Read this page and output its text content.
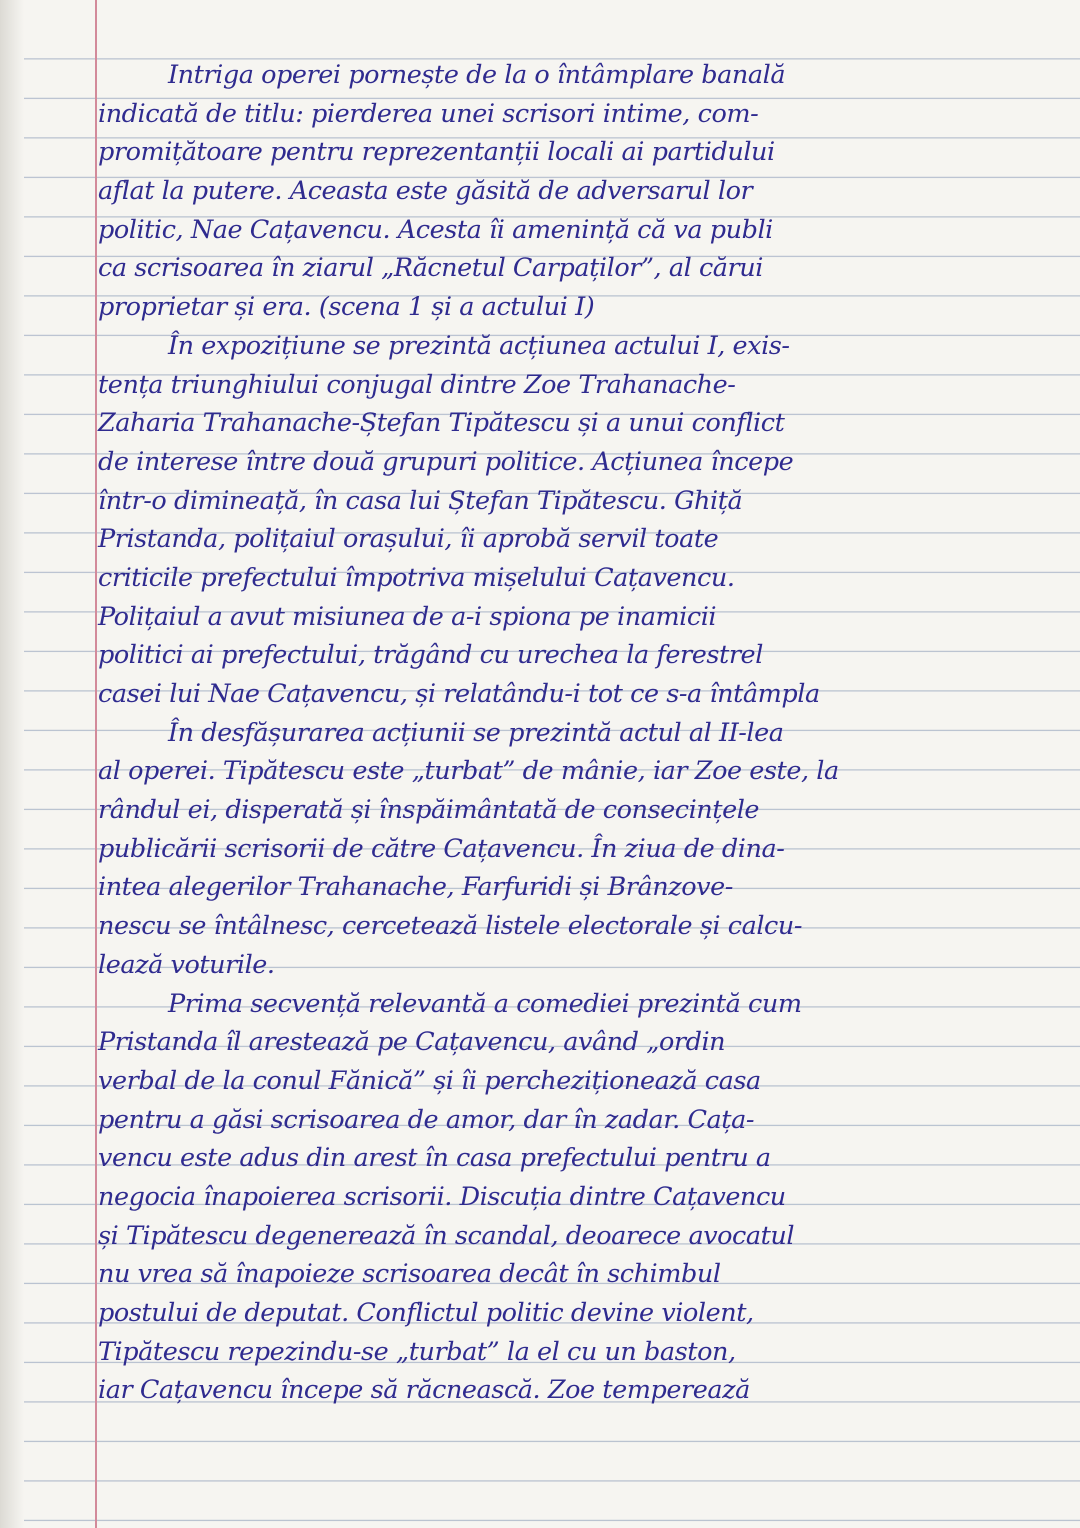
Intriga operei pornește de la o întâmplare banală
indicată de titlu: pierderea unei scrisori intime, com-
promițătoare pentru reprezentanții locali ai partidului
aflat la putere. Aceasta este găsită de adversarul lor
politic, Nae Cațavencu. Acesta îi amenință că va publi
ca scrisoarea în ziarul „Răcnetul Carpaților”, al cărui
proprietar și era. (scena 1 și a actului I)
În expozițiune se prezintă acțiunea actului I, exis-
tența triunghiului conjugal dintre Zoe Trahanache-
Zaharia Trahanache-Ștefan Tipătescu și a unui conflict
de interese între două grupuri politice. Acțiunea începe
într-o dimineață, în casa lui Ștefan Tipătescu. Ghiță
Pristanda, polițaiul orașului, îi aprobă servil toate
criticile prefectului împotriva mișelului Cațavencu.
Polițaiul a avut misiunea de a-i spiona pe inamicii
politici ai prefectului, trăgând cu urechea la ferestrel
casei lui Nae Cațavencu, și relatându-i tot ce s-a întâmpla
În desfășurarea acțiunii se prezintă actul al II-lea
al operei. Tipătescu este „turbat” de mânie, iar Zoe este, la
rândul ei, disperată și înspăimântată de consecințele
publicării scrisorii de către Cațavencu. În ziua de dina-
intea alegerilor Trahanache, Farfuridi și Brânzove-
nescu se întâlnesc, cercetează listele electorale și calcu-
lează voturile.
Prima secvență relevantă a comediei prezintă cum
Pristanda îl arestează pe Cațavencu, având „ordin
verbal de la conul Fănică” și îi percheziționează casa
pentru a găsi scrisoarea de amor, dar în zadar. Cața-
vencu este adus din arest în casa prefectului pentru a
negocia înapoierea scrisorii. Discuția dintre Cațavencu
și Tipătescu degenerează în scandal, deoarece avocatul
nu vrea să înapoieze scrisoarea decât în schimbul
postului de deputat. Conflictul politic devine violent,
Tipătescu repezindu-se „turbat” la el cu un baston,
iar Cațavencu începe să răcnească. Zoe temperează
